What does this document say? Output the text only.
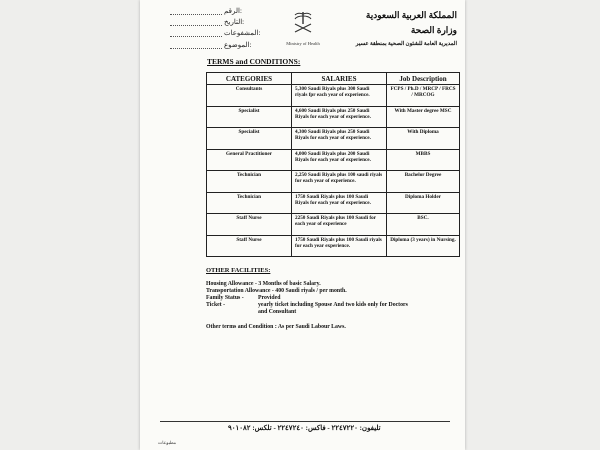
الرقم:
التاريخ:
المشفوعات:
الموضوع:	Ministry of Health
المملكة العربية السعودية
وزارة الصحة
المديرية العامة للشئون الصحية بمنطقة عسير
TERMS and CONDITIONS:
CATEGORIES	SALARIES	Job Description
Consultants	5,300 Saudi Riyals plus 300 Saudi riyals fpr each year of experience.	FCPS / Ph.D / MRCP / FRCS / MRCOG
Specialist	4,600 Saudi Riyals plus 250 Saudi Riyals for each year of experience.	With Master degree MSC
Specialist	4,300 Saudi Riyals plus 250 Saudi Riyals for each year of experience.	With Diploma
General Practitioner	4,000 Saudi Riyals plus 200 Saudi Riyals for each year of experience.	MBBS
Technician	2,250 Saudi Riyals plus 100 saudi riyals for each year of experience.	Bachelor Degree
Technician	1750 Saudi Riyals plus 100 Saudi Riyals for each year of experience.	Diploma Holder
Staff Nurse	2250 Saudi Riyals plus 100 Saudi for each year of experience	BSC.
Staff Nurse	1750 Saudi Riyals plus 100 Saudi riyals for each year experience.	Diploma (3 years) in Nursing.
OTHER FACILITIES:
Housing Allowance - 3 Months of basic Salary.
Transportation Allowance - 400 Saudi riyals / per month.
Family Status - Provided
Ticket -	yearly ticket including Spouse And two kids only for Doctors
and Consultant
Other terms and Condition : As per Saudi Labour Laws.
تليفون: ٢٢٤٧٢٢٠ - فاكس: ٢٢٤٧٢٤٠ - تلكس: ٩٠١٠٨٢
مطبوعات
